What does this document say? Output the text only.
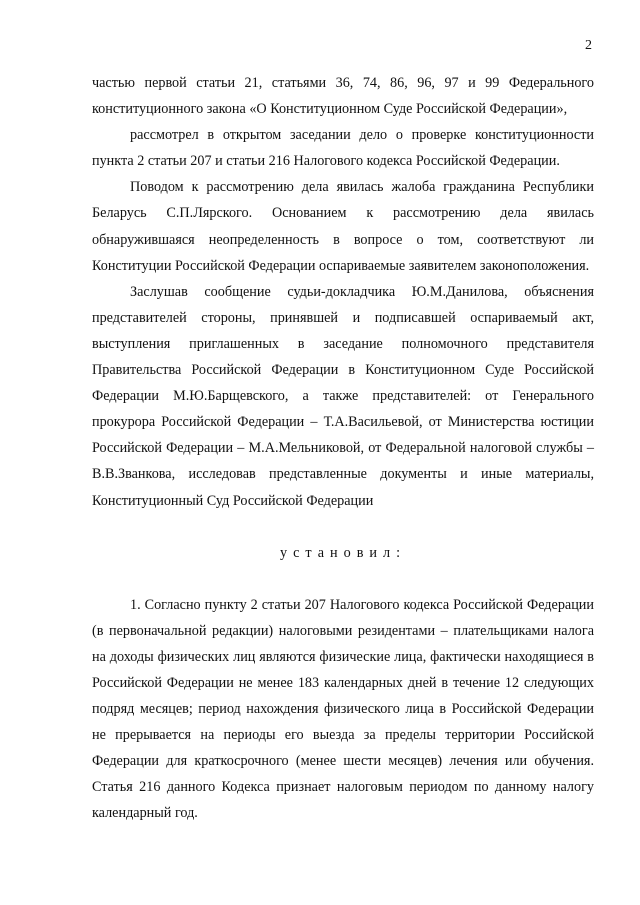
2

частью первой статьи 21, статьями 36, 74, 86, 96, 97 и 99 Федерального конституционного закона «О Конституционном Суде Российской Федерации»,

рассмотрел в открытом заседании дело о проверке конституционности пункта 2 статьи 207 и статьи 216 Налогового кодекса Российской Федерации.

Поводом к рассмотрению дела явилась жалоба гражданина Республики Беларусь С.П.Лярского. Основанием к рассмотрению дела явилась обнаружившаяся неопределенность в вопросе о том, соответствуют ли Конституции Российской Федерации оспариваемые заявителем законоположения.

Заслушав сообщение судьи-докладчика Ю.М.Данилова, объяснения представителей стороны, принявшей и подписавшей оспариваемый акт, выступления приглашенных в заседание полномочного представителя Правительства Российской Федерации в Конституционном Суде Российской Федерации М.Ю.Барщевского, а также представителей: от Генерального прокурора Российской Федерации – Т.А.Васильевой, от Министерства юстиции Российской Федерации – М.А.Мельниковой, от Федеральной налоговой службы – В.В.Званкова, исследовав представленные документы и иные материалы, Конституционный Суд Российской Федерации

установил:

1. Согласно пункту 2 статьи 207 Налогового кодекса Российской Федерации (в первоначальной редакции) налоговыми резидентами – плательщиками налога на доходы физических лиц являются физические лица, фактически находящиеся в Российской Федерации не менее 183 календарных дней в течение 12 следующих подряд месяцев; период нахождения физического лица в Российской Федерации не прерывается на периоды его выезда за пределы территории Российской Федерации для краткосрочного (менее шести месяцев) лечения или обучения. Статья 216 данного Кодекса признает налоговым периодом по данному налогу календарный год.
